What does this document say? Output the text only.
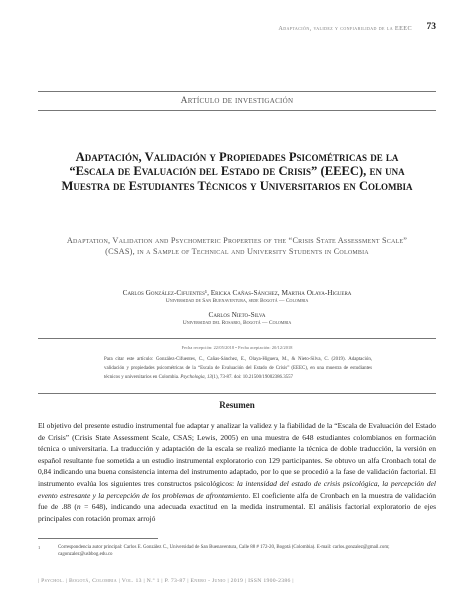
Adaptación, validez y confiabilidad de la EEEC 73
Artículo de investigación
Adaptación, Validación y Propiedades Psicométricas de la “Escala de Evaluación del Estado de Crisis” (EEEC), en una Muestra de Estudiantes Técnicos y Universitarios en Colombia
Adaptation, Validation and Psychometric Properties of the “Crisis State Assessment Scale” (CSAS), in a Sample of Technical and University Students in Colombia
Carlos González-Cifuentes¹, Ericka Cañas-Sánchez, Martha Olaya-Higuera
Universidad de San Buenaventura, sede Bogotá — Colombia
Carlos Nieto-Silva
Universidad del Rosario, Bogotá — Colombia
Fecha recepción: 22/05/2018 • Fecha aceptación: 20/12/2018
Para citar este artículo: González-Cifuentes, C., Cañas-Sánchez, E., Olaya-Higuera, M., & Nieto-Silva, C. (2019). Adaptación, validación y propiedades psicométricas de la “Escala de Evaluación del Estado de Crisis” (EEEC), en una muestra de estudiantes técnicos y universitarios en Colombia. Psychologia, 13(1), 73-87. doi: 10.21500/19002386.3557
Resumen

El objetivo del presente estudio instrumental fue adaptar y analizar la validez y la fiabilidad de la “Escala de Evaluación del Estado de Crisis” (Crisis State Assessment Scale, CSAS; Lewis, 2005) en una muestra de 648 estudiantes colombianos en formación técnica o universitaria. La traducción y adaptación de la escala se realizó mediante la técnica de doble traducción, la versión en español resultante fue sometida a un estudio instrumental exploratorio con 129 participantes. Se obtuvo un alfa Cronbach total de 0,84 indicando una buena consistencia interna del instrumento adaptado, por lo que se procedió a la fase de validación factorial. El instrumento evalúa los siguientes tres constructos psicológicos: la intensidad del estado de crisis psicológica, la percepción del evento estresante y la percepción de los problemas de afrontamiento. El coeficiente alfa de Cronbach en la muestra de validación fue de .88 (n = 648), indicando una adecuada exactitud en la medida instrumental. El análisis factorial exploratorio de ejes principales con rotación promax arrojó

1	Correspondencia autor principal: Carlos E. González C., Universidad de San Buenaventura, Calle 88 # 172-20, Bogotá (Colombia). E-mail: carlos.gonzalez@gmail.com; cagonzalez@usbbog.edu.co
| Psychol. | Bogotá, Colombia | Vol. 13 | N.º 1 | P. 73-87 | Enero - Junio | 2019 | ISSN 1900-2386 |
